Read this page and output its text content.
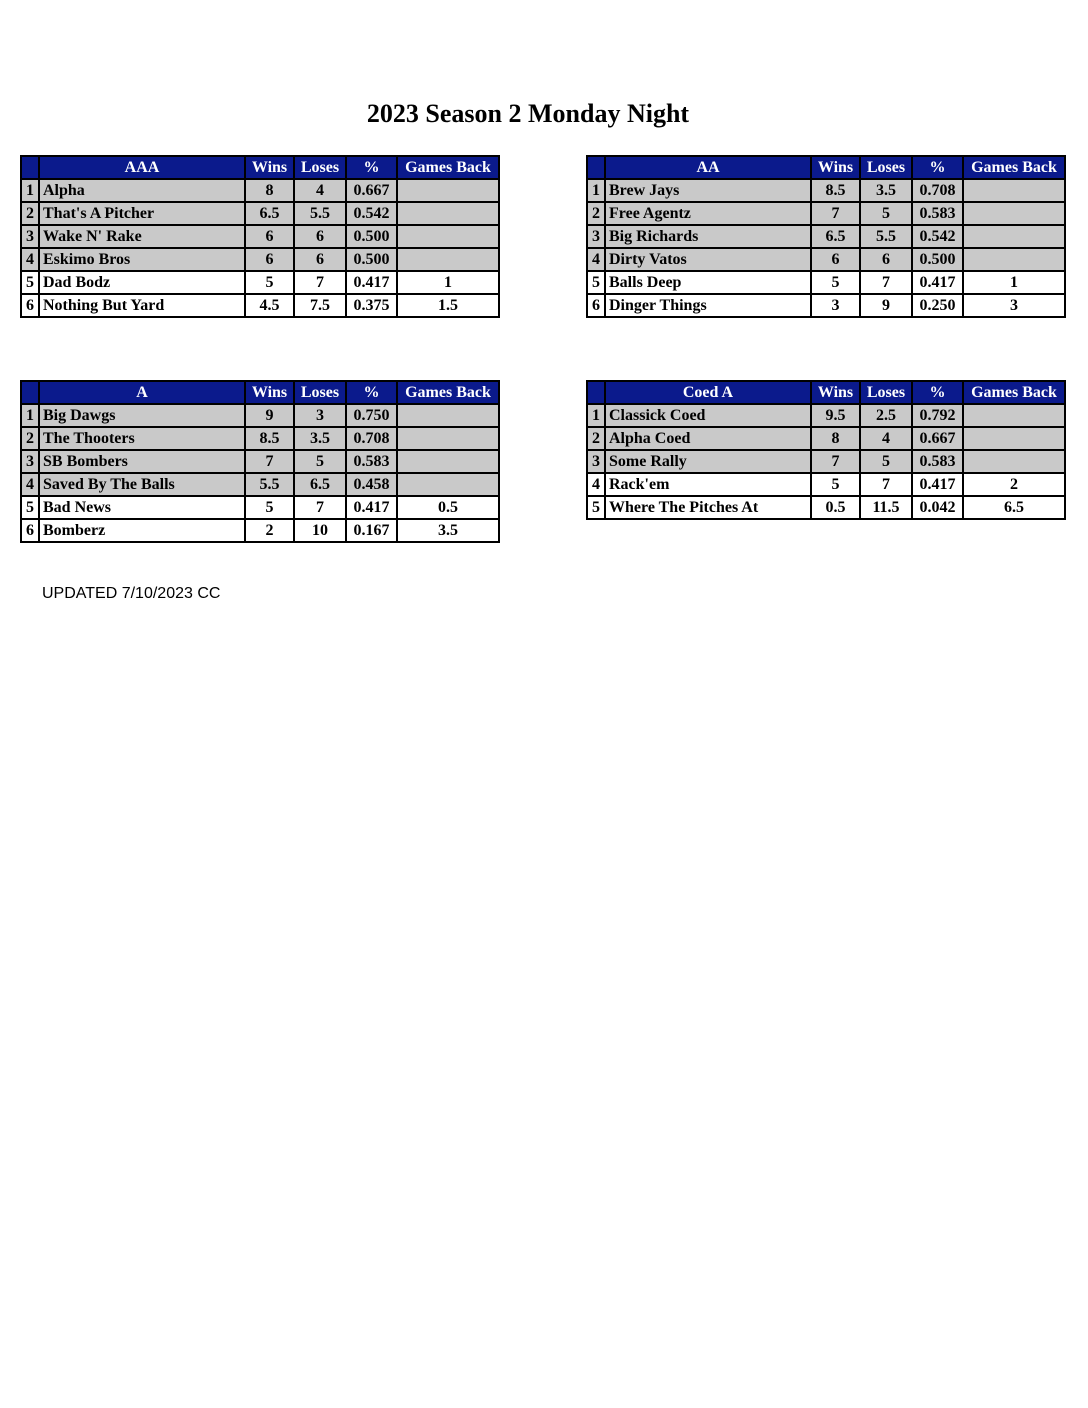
2023 Season 2 Monday Night
	AAA	Wins	Loses	%	Games Back
1	Alpha	8	4	0.667	
2	That's A Pitcher	6.5	5.5	0.542	
3	Wake N' Rake	6	6	0.500	
4	Eskimo Bros	6	6	0.500	
5	Dad Bodz	5	7	0.417	1
6	Nothing But Yard	4.5	7.5	0.375	1.5
	AA	Wins	Loses	%	Games Back
1	Brew Jays	8.5	3.5	0.708	
2	Free Agentz	7	5	0.583	
3	Big Richards	6.5	5.5	0.542	
4	Dirty Vatos	6	6	0.500	
5	Balls Deep	5	7	0.417	1
6	Dinger Things	3	9	0.250	3
	A	Wins	Loses	%	Games Back
1	Big Dawgs	9	3	0.750	
2	The Thooters	8.5	3.5	0.708	
3	SB Bombers	7	5	0.583	
4	Saved By The Balls	5.5	6.5	0.458	
5	Bad News	5	7	0.417	0.5
6	Bomberz	2	10	0.167	3.5
	Coed A	Wins	Loses	%	Games Back
1	Classick Coed	9.5	2.5	0.792	
2	Alpha Coed	8	4	0.667	
3	Some Rally	7	5	0.583	
4	Rack'em	5	7	0.417	2
5	Where The Pitches At	0.5	11.5	0.042	6.5
UPDATED 7/10/2023 CC
